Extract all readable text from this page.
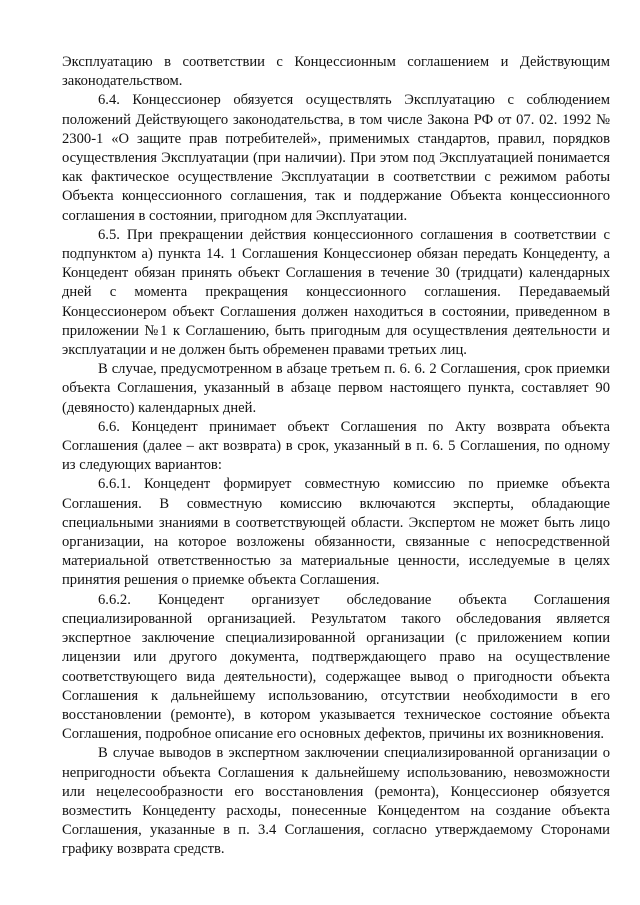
Эксплуатацию в соответствии с Концессионным соглашением и Действующим законодательством.

6.4. Концессионер обязуется осуществлять Эксплуатацию с соблюдением положений Действующего законодательства, в том числе Закона РФ от 07. 02. 1992 № 2300-1 «О защите прав потребителей», применимых стандартов, правил, порядков осуществления Эксплуатации (при наличии). При этом под Эксплуатацией понимается как фактическое осуществление Эксплуатации в соответствии с режимом работы Объекта концессионного соглашения, так и поддержание Объекта концессионного соглашения в состоянии, пригодном для Эксплуатации.

6.5. При прекращении действия концессионного соглашения в соответствии с подпунктом а) пункта 14. 1 Соглашения Концессионер обязан передать Концеденту, а Концедент обязан принять объект Соглашения в течение 30 (тридцати) календарных дней с момента прекращения концессионного соглашения. Передаваемый Концессионером объект Соглашения должен находиться в состоянии, приведенном в приложении №1 к Соглашению, быть пригодным для осуществления деятельности и эксплуатации и не должен быть обременен правами третьих лиц.

В случае, предусмотренном в абзаце третьем п. 6. 6. 2 Соглашения, срок приемки объекта Соглашения, указанный в абзаце первом настоящего пункта, составляет 90 (девяносто) календарных дней.

6.6. Концедент принимает объект Соглашения по Акту возврата объекта Соглашения (далее – акт возврата) в срок, указанный в п. 6. 5 Соглашения, по одному из следующих вариантов:

6.6.1. Концедент формирует совместную комиссию по приемке объекта Соглашения. В совместную комиссию включаются эксперты, обладающие специальными знаниями в соответствующей области. Экспертом не может быть лицо организации, на которое возложены обязанности, связанные с непосредственной материальной ответственностью за материальные ценности, исследуемые в целях принятия решения о приемке объекта Соглашения.

6.6.2. Концедент организует обследование объекта Соглашения специализированной организацией. Результатом такого обследования является экспертное заключение специализированной организации (с приложением копии лицензии или другого документа, подтверждающего право на осуществление соответствующего вида деятельности), содержащее вывод о пригодности объекта Соглашения к дальнейшему использованию, отсутствии необходимости в его восстановлении (ремонте), в котором указывается техническое состояние объекта Соглашения, подробное описание его основных дефектов, причины их возникновения.

В случае выводов в экспертном заключении специализированной организации о непригодности объекта Соглашения к дальнейшему использованию, невозможности или нецелесообразности его восстановления (ремонта), Концессионер обязуется возместить Концеденту расходы, понесенные Концедентом на создание объекта Соглашения, указанные в п. 3.4 Соглашения, согласно утверждаемому Сторонами графику возврата средств.
